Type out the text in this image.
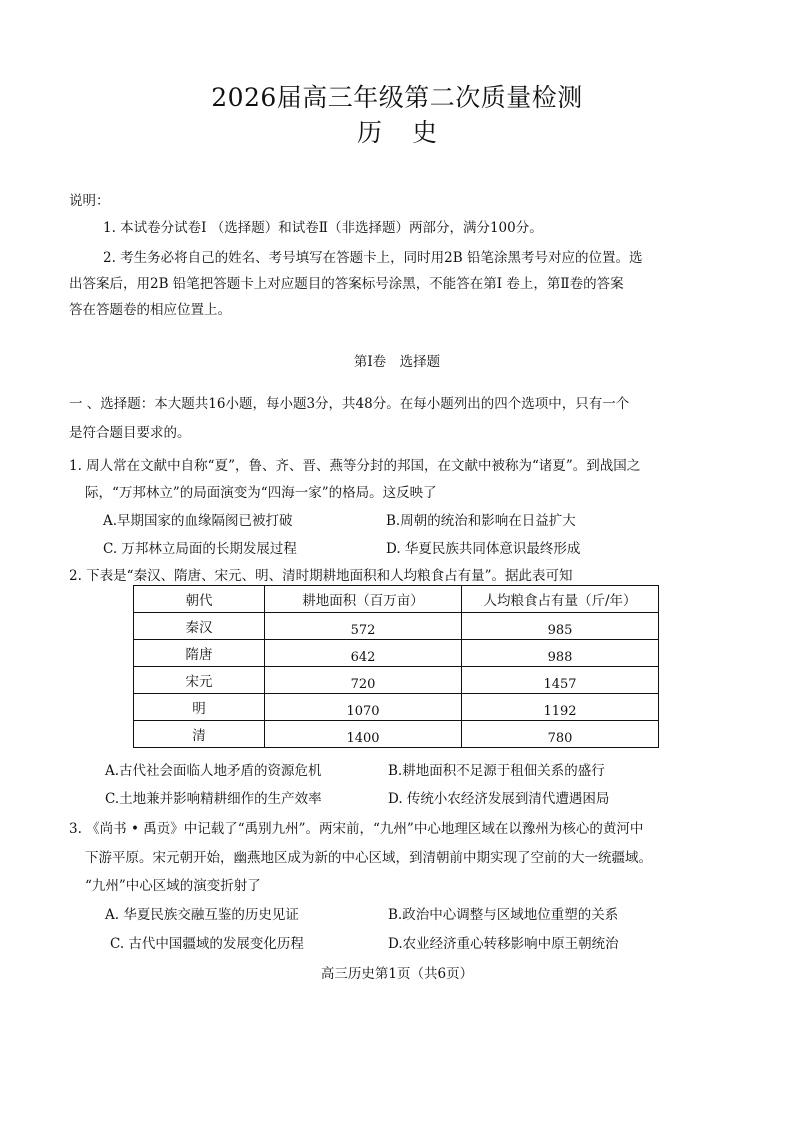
2026届高三年级第二次质量检测
历史
说明：
1. 本试卷分试卷I （选择题）和试卷Ⅱ（非选择题）两部分，满分100分。
2. 考生务必将自己的姓名、考号填写在答题卡上，同时用2B 铅笔涂黑考号对应的位置。选
出答案后，用2B 铅笔把答题卡上对应题目的答案标号涂黑，不能答在第I 卷上，第Ⅱ卷的答案
答在答题卷的相应位置上。
第Ⅰ卷　选择题
一 、选择题：本大题共16小题，每小题3分，共48分。在每小题列出的四个选项中，只有一个
是符合题目要求的。
1. 周人常在文献中自称“夏”，鲁、齐、晋、燕等分封的邦国，在文献中被称为“诸夏”。到战国之
际，“万邦林立”的局面演变为“四海一家”的格局。这反映了
A.早期国家的血缘隔阂已被打破	B.周朝的统治和影响在日益扩大
C. 万邦林立局面的长期发展过程	D. 华夏民族共同体意识最终形成
2. 下表是“秦汉、隋唐、宋元、明、清时期耕地面积和人均粮食占有量”。据此表可知
朝代	耕地面积（百万亩）	人均粮食占有量（斤/年）
秦汉	572	985
隋唐	642	988
宋元	720	1457
明	1070	1192
清	1400	780
A.古代社会面临人地矛盾的资源危机	B.耕地面积不足源于租佃关系的盛行
C.土地兼并影响精耕细作的生产效率	D. 传统小农经济发展到清代遭遇困局
3. 《尚书 • 禹贡》中记载了“禹别九州”。两宋前，“九州”中心地理区域在以豫州为核心的黄河中
下游平原。宋元朝开始，幽燕地区成为新的中心区域，到清朝前中期实现了空前的大一统疆域。
“九州”中心区域的演变折射了
A. 华夏民族交融互鉴的历史见证	B.政治中心调整与区域地位重塑的关系
C. 古代中国疆域的发展变化历程	D.农业经济重心转移影响中原王朝统治
高三历史第1页（共6页）
